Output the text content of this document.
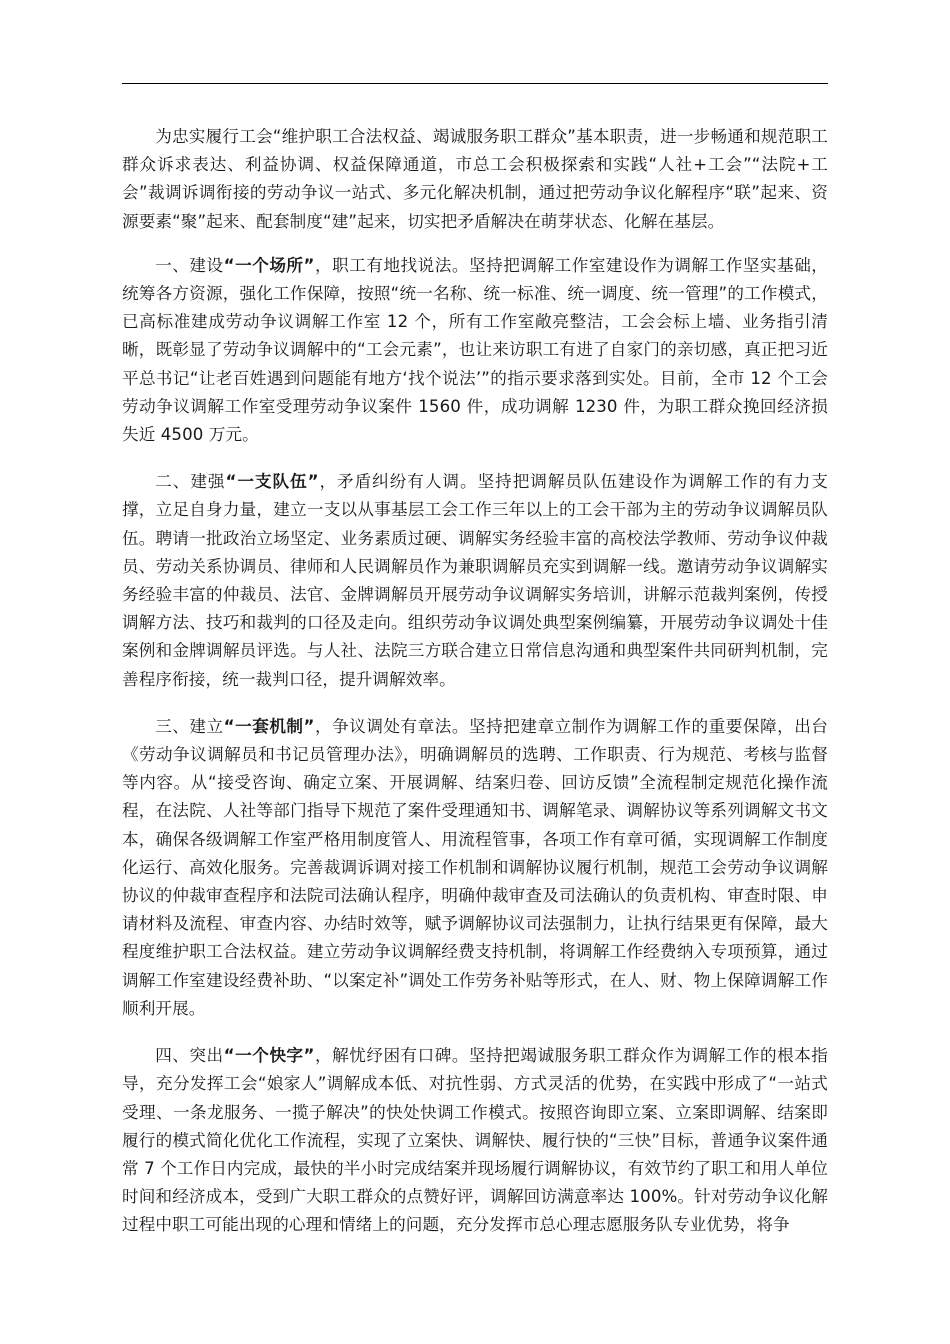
为忠实履行工会“维护职工合法权益、竭诚服务职工群众”基本职责，进一步畅通和规范职工群众诉求表达、利益协调、权益保障通道，市总工会积极探索和实践“人社+工会”“法院+工会”裁调诉调衔接的劳动争议一站式、多元化解决机制，通过把劳动争议化解程序“联”起来、资源要素“聚”起来、配套制度“建”起来，切实把矛盾解决在萌芽状态、化解在基层。

一、建设“一个场所”，职工有地找说法。坚持把调解工作室建设作为调解工作坚实基础，统筹各方资源，强化工作保障，按照“统一名称、统一标准、统一调度、统一管理”的工作模式，已高标准建成劳动争议调解工作室 12 个，所有工作室敞亮整洁，工会会标上墙、业务指引清晰，既彰显了劳动争议调解中的“工会元素”，也让来访职工有进了自家门的亲切感，真正把习近平总书记“让老百姓遇到问题能有地方‘找个说法’”的指示要求落到实处。目前，全市 12 个工会劳动争议调解工作室受理劳动争议案件 1560 件，成功调解 1230 件，为职工群众挽回经济损失近 4500 万元。

二、建强“一支队伍”，矛盾纠纷有人调。坚持把调解员队伍建设作为调解工作的有力支撑，立足自身力量，建立一支以从事基层工会工作三年以上的工会干部为主的劳动争议调解员队伍。聘请一批政治立场坚定、业务素质过硬、调解实务经验丰富的高校法学教师、劳动争议仲裁员、劳动关系协调员、律师和人民调解员作为兼职调解员充实到调解一线。邀请劳动争议调解实务经验丰富的仲裁员、法官、金牌调解员开展劳动争议调解实务培训，讲解示范裁判案例，传授调解方法、技巧和裁判的口径及走向。组织劳动争议调处典型案例编纂，开展劳动争议调处十佳案例和金牌调解员评选。与人社、法院三方联合建立日常信息沟通和典型案件共同研判机制，完善程序衔接，统一裁判口径，提升调解效率。

三、建立“一套机制”，争议调处有章法。坚持把建章立制作为调解工作的重要保障，出台《劳动争议调解员和书记员管理办法》，明确调解员的选聘、工作职责、行为规范、考核与监督等内容。从“接受咨询、确定立案、开展调解、结案归卷、回访反馈”全流程制定规范化操作流程，在法院、人社等部门指导下规范了案件受理通知书、调解笔录、调解协议等系列调解文书文本，确保各级调解工作室严格用制度管人、用流程管事，各项工作有章可循，实现调解工作制度化运行、高效化服务。完善裁调诉调对接工作机制和调解协议履行机制，规范工会劳动争议调解协议的仲裁审查程序和法院司法确认程序，明确仲裁审查及司法确认的负责机构、审查时限、申请材料及流程、审查内容、办结时效等，赋予调解协议司法强制力，让执行结果更有保障，最大程度维护职工合法权益。建立劳动争议调解经费支持机制，将调解工作经费纳入专项预算，通过调解工作室建设经费补助、“以案定补”调处工作劳务补贴等形式，在人、财、物上保障调解工作顺利开展。

四、突出“一个快字”，解忧纾困有口碑。坚持把竭诚服务职工群众作为调解工作的根本指导，充分发挥工会“娘家人”调解成本低、对抗性弱、方式灵活的优势，在实践中形成了“一站式受理、一条龙服务、一揽子解决”的快处快调工作模式。按照咨询即立案、立案即调解、结案即履行的模式简化优化工作流程，实现了立案快、调解快、履行快的“三快”目标，普通争议案件通常 7 个工作日内完成，最快的半小时完成结案并现场履行调解协议，有效节约了职工和用人单位时间和经济成本，受到广大职工群众的点赞好评，调解回访满意率达 100%。针对劳动争议化解过程中职工可能出现的心理和情绪上的问题，充分发挥市总心理志愿服务队专业优势，将争
